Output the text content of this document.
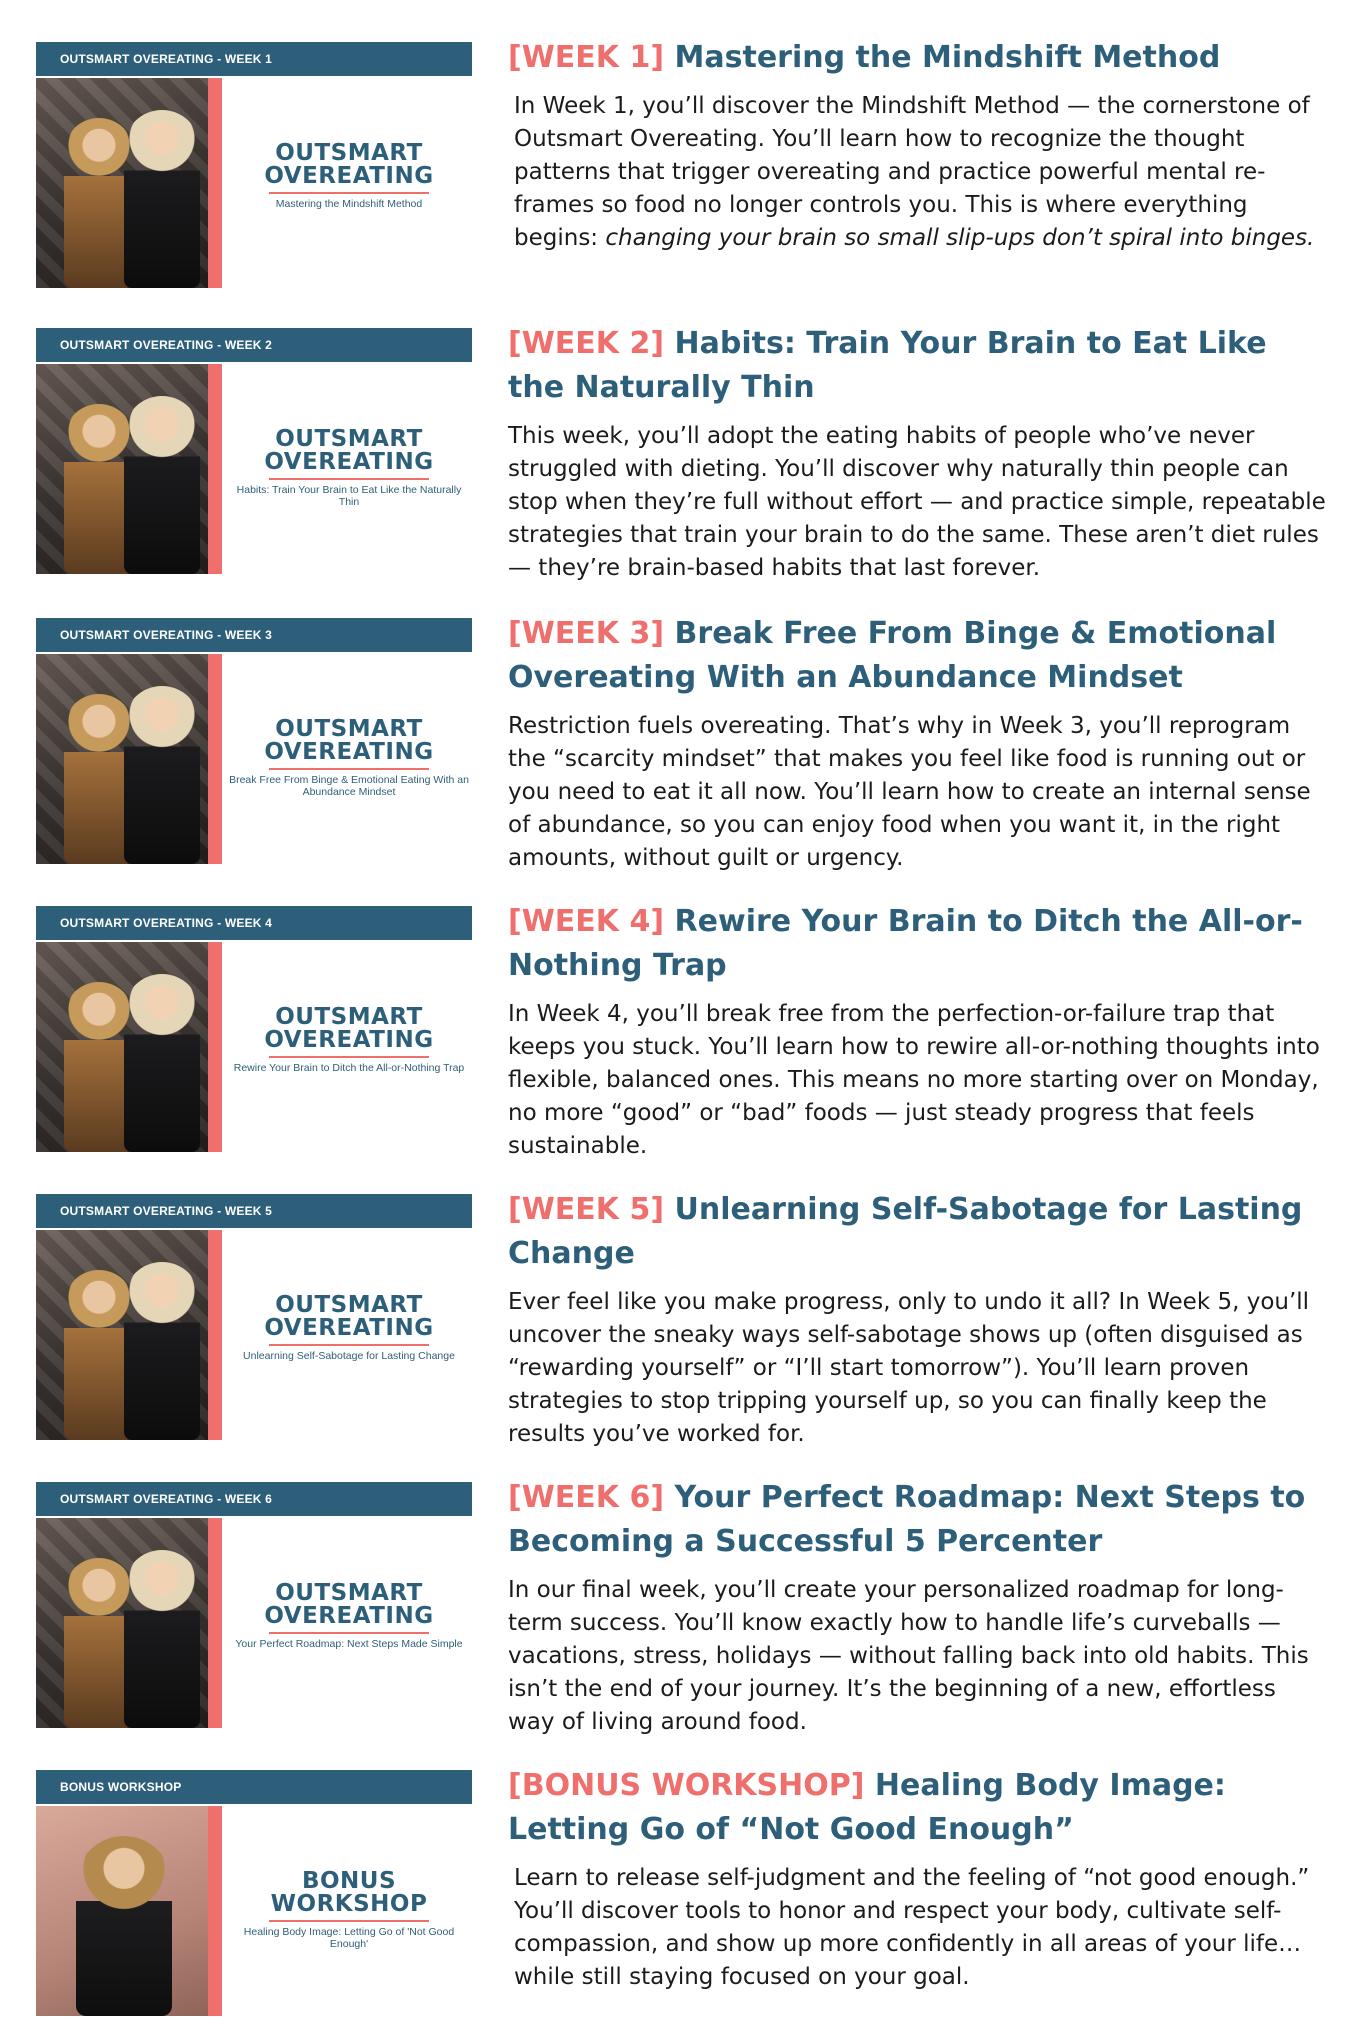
OUTSMART OVEREATING - WEEK 1
OUTSMART
OVEREATING
Mastering the Mindshift Method
[WEEK 1] Mastering the Mindshift Method

In Week 1, you’ll discover the Mindshift Method — the cornerstone of Outsmart Overeating. You’ll learn how to recognize the thought patterns that trigger overeating and practice powerful mental re-frames so food no longer controls you. This is where everything begins: changing your brain so small slip-ups don’t spiral into binges.

OUTSMART OVEREATING - WEEK 2
OUTSMART
OVEREATING
Habits: Train Your Brain to Eat Like the Naturally Thin
[WEEK 2] Habits: Train Your Brain to Eat Like the Naturally Thin

This week, you’ll adopt the eating habits of people who’ve never struggled with dieting. You’ll discover why naturally thin people can stop when they’re full without effort — and practice simple, repeatable strategies that train your brain to do the same. These aren’t diet rules — they’re brain-based habits that last forever.

OUTSMART OVEREATING - WEEK 3
OUTSMART
OVEREATING
Break Free From Binge & Emotional Eating With an Abundance Mindset
[WEEK 3] Break Free From Binge & Emotional Overeating With an Abundance Mindset

Restriction fuels overeating. That’s why in Week 3, you’ll reprogram the “scarcity mindset” that makes you feel like food is running out or you need to eat it all now. You’ll learn how to create an internal sense of abundance, so you can enjoy food when you want it, in the right amounts, without guilt or urgency.

OUTSMART OVEREATING - WEEK 4
OUTSMART
OVEREATING
Rewire Your Brain to Ditch the All-or-Nothing Trap
[WEEK 4] Rewire Your Brain to Ditch the All-or-Nothing Trap

In Week 4, you’ll break free from the perfection-or-failure trap that keeps you stuck. You’ll learn how to rewire all-or-nothing thoughts into flexible, balanced ones. This means no more starting over on Monday, no more “good” or “bad” foods — just steady progress that feels sustainable.

OUTSMART OVEREATING - WEEK 5
OUTSMART
OVEREATING
Unlearning Self-Sabotage for Lasting Change
[WEEK 5] Unlearning Self-Sabotage for Lasting Change

Ever feel like you make progress, only to undo it all? In Week 5, you’ll uncover the sneaky ways self-sabotage shows up (often disguised as “rewarding yourself” or “I’ll start tomorrow”). You’ll learn proven strategies to stop tripping yourself up, so you can finally keep the results you’ve worked for.

OUTSMART OVEREATING - WEEK 6
OUTSMART
OVEREATING
Your Perfect Roadmap: Next Steps Made Simple
[WEEK 6] Your Perfect Roadmap: Next Steps to Becoming a Successful 5 Percenter

In our final week, you’ll create your personalized roadmap for long-term success. You’ll know exactly how to handle life’s curveballs — vacations, stress, holidays — without falling back into old habits. This isn’t the end of your journey. It’s the beginning of a new, effortless way of living around food.

BONUS WORKSHOP
BONUS
WORKSHOP
Healing Body Image: Letting Go of 'Not Good Enough'
[BONUS WORKSHOP] Healing Body Image: Letting Go of “Not Good Enough”

Learn to release self-judgment and the feeling of “not good enough.” You’ll discover tools to honor and respect your body, cultivate self-compassion, and show up more confidently in all areas of your life… while still staying focused on your goal.
